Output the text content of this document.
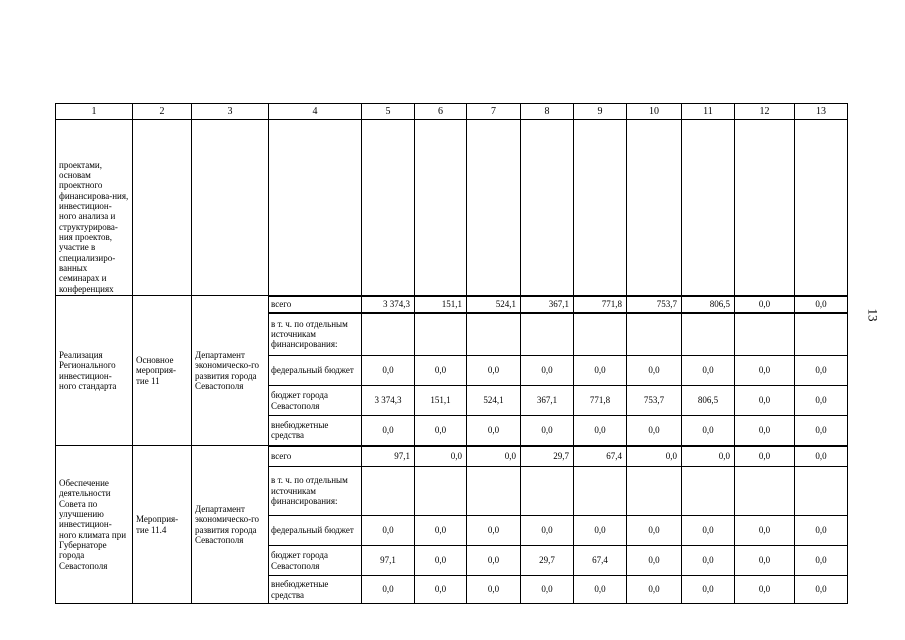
1	2	3	4	5	6	7	8	9	10	11	12	13
проектами, основам проектного финансирова-ния, инвестицион-ного анализа и структурирова-ния проектов, участие в специализиро-ванных семинарах и конференциях												
Реализация Регионального инвестицион-ного стандарта	Основное мероприя-тие 11	Департамент экономическо-го развития города Севастополя	всего	3 374,3	151,1	524,1	367,1	771,8	753,7	806,5	0,0	0,0
			в т. ч. по отдельным источникам финансирования:									
			федеральный бюджет	0,0	0,0	0,0	0,0	0,0	0,0	0,0	0,0	0,0
			бюджет города Севастополя	3 374,3	151,1	524,1	367,1	771,8	753,7	806,5	0,0	0,0
			внебюджетные средства	0,0	0,0	0,0	0,0	0,0	0,0	0,0	0,0	0,0
Обеспечение деятельности Совета по улучшению инвестицион-ного климата при Губернаторе города Севастополя	Мероприя-тие 11.4	Департамент экономическо-го развития города Севастополя	всего	97,1	0,0	0,0	29,7	67,4	0,0	0,0	0,0	0,0
			в т. ч. по отдельным источникам финансирования:									
			федеральный бюджет	0,0	0,0	0,0	0,0	0,0	0,0	0,0	0,0	0,0
			бюджет города Севастополя	97,1	0,0	0,0	29,7	67,4	0,0	0,0	0,0	0,0
			внебюджетные средства	0,0	0,0	0,0	0,0	0,0	0,0	0,0	0,0	0,0
13
